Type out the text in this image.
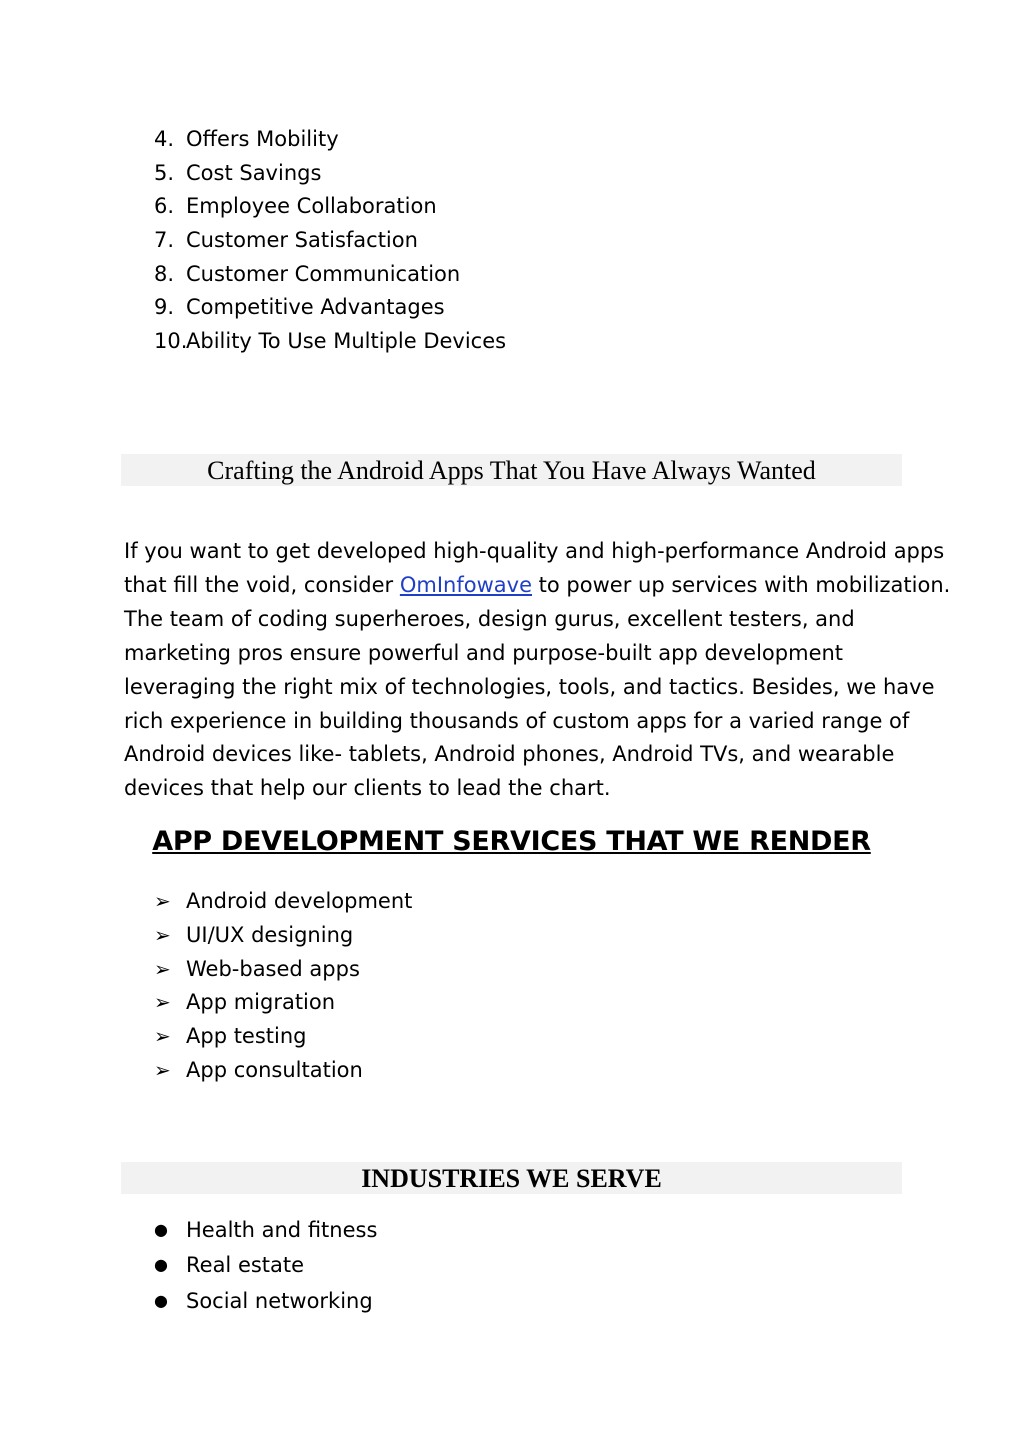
4. Offers Mobility
5. Cost Savings
6. Employee Collaboration
7. Customer Satisfaction
8. Customer Communication
9. Competitive Advantages
10.Ability To Use Multiple Devices
Crafting the Android Apps That You Have Always Wanted

If you want to get developed high-quality and high-performance Android apps
that fill the void, consider OmInfowave to power up services with mobilization.
The team of coding superheroes, design gurus, excellent testers, and
marketing pros ensure powerful and purpose-built app development
leveraging the right mix of technologies, tools, and tactics. Besides, we have
rich experience in building thousands of custom apps for a varied range of
Android devices like- tablets, Android phones, Android TVs, and wearable
devices that help our clients to lead the chart.

APP DEVELOPMENT SERVICES THAT WE RENDER
➢ Android development
➢ UI/UX designing
➢ Web-based apps
➢ App migration
➢ App testing
➢ App consultation
INDUSTRIES WE SERVE
● Health and fitness
● Real estate
● Social networking
